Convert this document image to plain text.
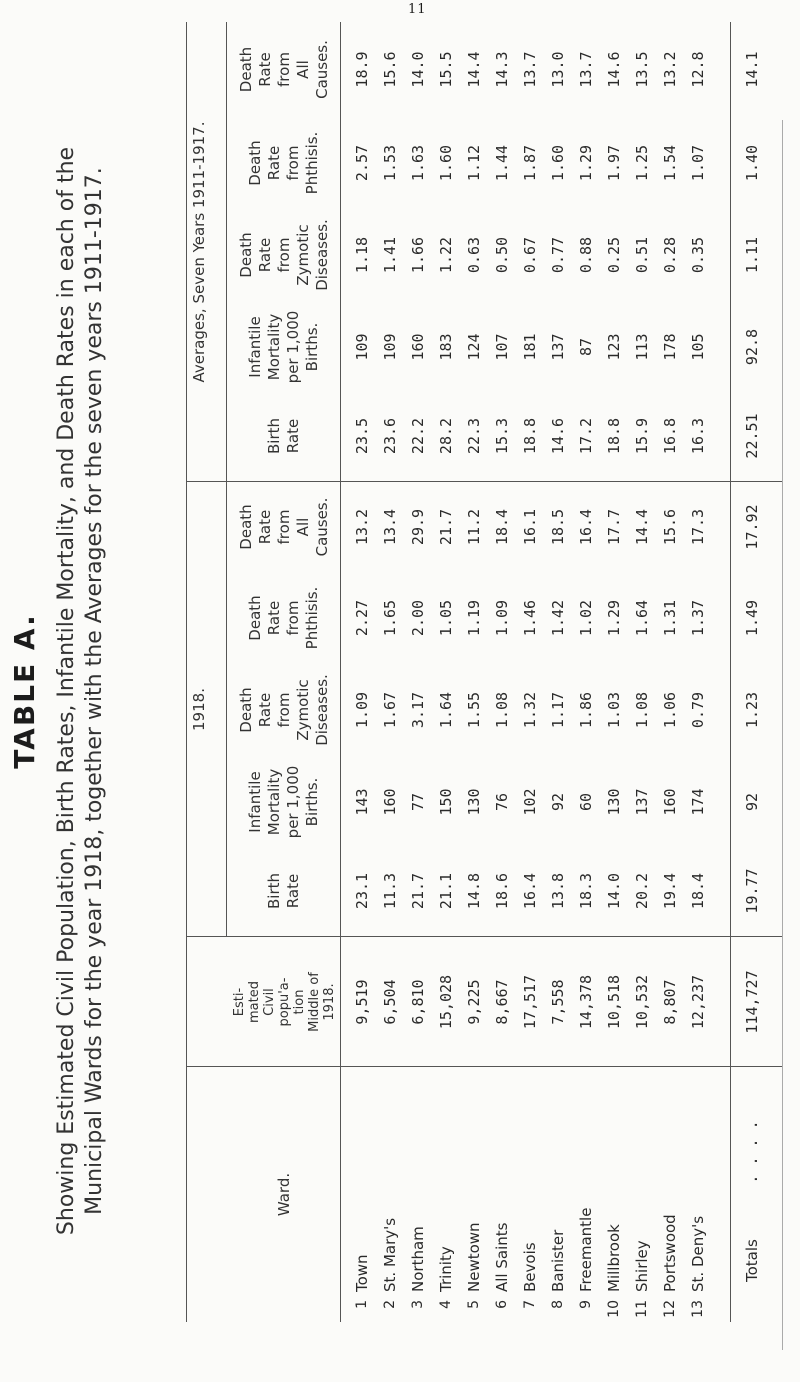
11
TABLE A. Showing Estimated Civil Population, Birth Rates, Infantile Mortality, and Death Rates in each of the Municipal Wards for the year 1918, together with the Averages for the seven years 1911-1917.	1918.
Averages, Seven Years 1911-1917.
Ward.
Esti- mated Civil popu'a- tion Middle of 1918.
Birth Rate
Infantile Mortality per 1,000 Births.
Death Rate from Zymotic Diseases.
Death Rate from Phthisis.
Death Rate from All Causes.
Birth Rate
Infantile Mortality per 1,000 Births.
Death Rate from Zymotic Diseases.
Death Rate from Phthisis.
Death Rate from All Causes.
1
Town
9,519
23.1
143
1.09
2.27
13.2
23.5
109
1.18
2.57
18.9
2
St. Mary's
6,504
11.3
160
1.67
1.65
13.4
23.6
109
1.41
1.53
15.6
3
Northam
6,810
21.7
77
3.17
2.00
29.9
22.2
160
1.66
1.63
14.0
4
Trinity
15,028
21.1
150
1.64
1.05
21.7
28.2
183
1.22
1.60
15.5
5
Newtown
9,225
14.8
130
1.55
1.19
11.2
22.3
124
0.63
1.12
14.4
6
All Saints
8,667
18.6
76
1.08
1.09
18.4
15.3
107
0.50
1.44
14.3
7
Bevois
17,517
16.4
102
1.32
1.46
16.1
18.8
181
0.67
1.87
13.7
8
Banister
7,558
13.8
92
1.17
1.42
18.5
14.6
137
0.77
1.60
13.0
9
Freemantle
14,378
18.3
60
1.86
1.02
16.4
17.2
87
0.88
1.29
13.7
10
Millbrook
10,518
14.0
130
1.03
1.29
17.7
18.8
123
0.25
1.97
14.6
11
Shirley
10,532
20.2
137
1.08
1.64
14.4
15.9
113
0.51
1.25
13.5
12
Portswood
8,807
19.4
160
1.06
1.31
15.6
16.8
178
0.28
1.54
13.2
13
St. Deny's
12,237
18.4
174
0.79
1.37
17.3
16.3
105
0.35
1.07
12.8
Totals
. . . .
114,727
19.77
92
1.23
1.49
17.92
22.51
92.8
1.11
1.40
14.1
